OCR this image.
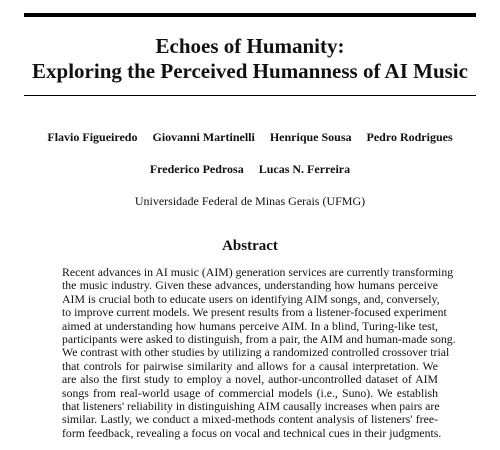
Echoes of Humanity:
Exploring the Perceived Humanness of AI Music
Flavio Figueiredo Giovanni Martinelli Henrique Sousa Pedro Rodrigues
Frederico Pedrosa Lucas N. Ferreira
Universidade Federal de Minas Gerais (UFMG)
Abstract
Recent advances in AI music (AIM) generation services are currently transforming
the music industry. Given these advances, understanding how humans perceive
AIM is crucial both to educate users on identifying AIM songs, and, conversely,
to improve current models. We present results from a listener-focused experiment
aimed at understanding how humans perceive AIM. In a blind, Turing-like test,
participants were asked to distinguish, from a pair, the AIM and human-made song.
We contrast with other studies by utilizing a randomized controlled crossover trial
that controls for pairwise similarity and allows for a causal interpretation. We
are also the first study to employ a novel, author-uncontrolled dataset of AIM
songs from real-world usage of commercial models (i.e., Suno). We establish
that listeners' reliability in distinguishing AIM causally increases when pairs are
similar. Lastly, we conduct a mixed-methods content analysis of listeners' free-
form feedback, revealing a focus on vocal and technical cues in their judgments.
